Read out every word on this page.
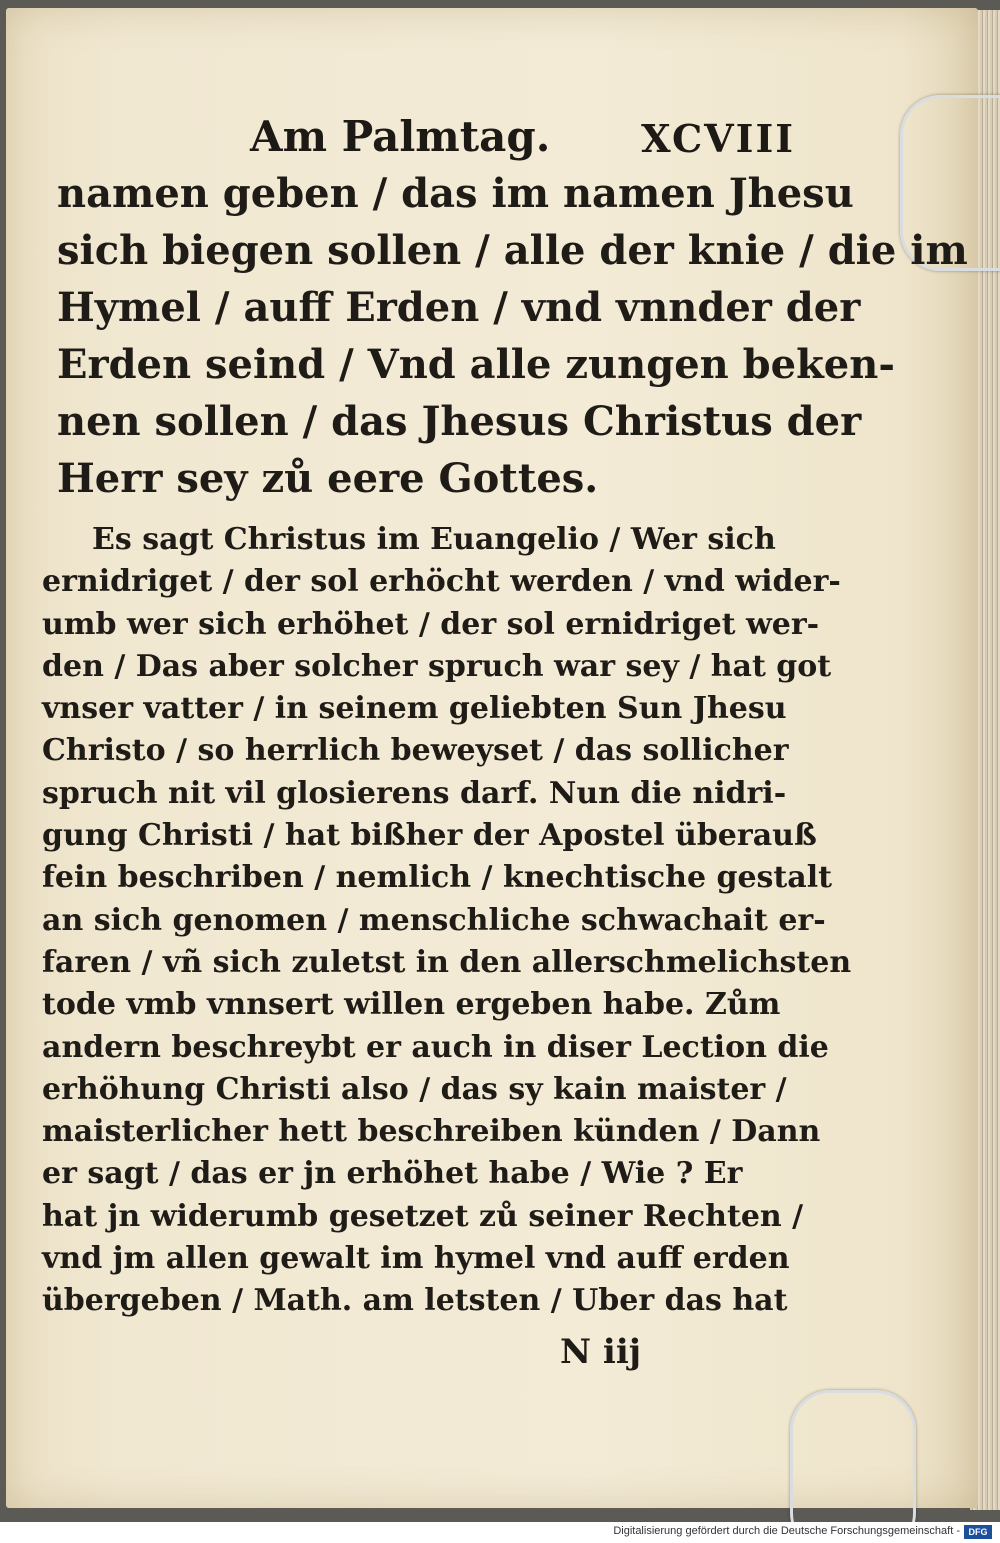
Am Palmtag. XCVIII
namen geben / das im namen Jhesu
sich biegen sollen / alle der knie / die im
Hymel / auff Erden / vnd vnnder der
Erden seind / Vnd alle zungen beken-
nen sollen / das Jhesus Christus der
Herr sey zů eere Gottes.
Es sagt Christus im Euangelio / Wer sich
ernidriget / der sol erhöcht werden / vnd wider-
umb wer sich erhöhet / der sol ernidriget wer-
den / Das aber solcher spruch war sey / hat got
vnser vatter / in seinem geliebten Sun Jhesu
Christo / so herrlich beweyset / das sollicher
spruch nit vil glosierens darf. Nun die nidri-
gung Christi / hat bißher der Apostel überauß
fein beschriben / nemlich / knechtische gestalt
an sich genomen / menschliche schwachait er-
faren / vñ sich zuletst in den allerschmelichsten
tode vmb vnnsert willen ergeben habe. Zům
andern beschreybt er auch in diser Lection die
erhöhung Christi also / das sy kain maister /
maisterlicher hett beschreiben künden / Dann
er sagt / das er jn erhöhet habe / Wie ? Er
hat jn widerumb gesetzet zů seiner Rechten /
vnd jm allen gewalt im hymel vnd auff erden
übergeben / Math. am letsten / Uber das hat
N iij
Digitalisierung gefördert durch die Deutsche Forschungsgemeinschaft - DFG
